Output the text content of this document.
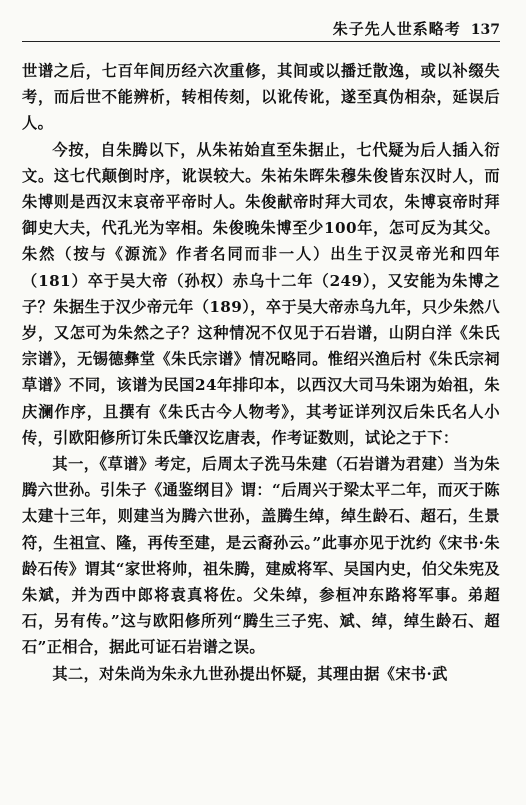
朱子先人世系略考 137

世谱之后，七百年间历经六次重修，其间或以播迁散逸，或以补缀失考，而后世不能辨析，转相传刻，以讹传讹，遂至真伪相杂，延误后人。

今按，自朱腾以下，从朱祐始直至朱据止，七代疑为后人插入衍文。这七代颠倒时序，讹误较大。朱祐朱晖朱穆朱俊皆东汉时人，而朱博则是西汉末哀帝平帝时人。朱俊献帝时拜大司农，朱博哀帝时拜御史大夫，代孔光为宰相。朱俊晚朱博至少100年，怎可反为其父。朱然（按与《源流》作者名同而非一人）出生于汉灵帝光和四年（181）卒于吴大帝（孙权）赤乌十二年（249），又安能为朱博之子？朱据生于汉少帝元年（189），卒于吴大帝赤乌九年，只少朱然八岁，又怎可为朱然之子？这种情况不仅见于石岩谱，山阴白洋《朱氏宗谱》，无锡德彝堂《朱氏宗谱》情况略同。惟绍兴渔后村《朱氏宗祠草谱》不同，该谱为民国24年排印本，以西汉大司马朱诩为始祖，朱庆澜作序，且撰有《朱氏古今人物考》，其考证详列汉后朱氏名人小传，引欧阳修所订朱氏肇汉讫唐表，作考证数则，试论之于下：

其一，《草谱》考定，后周太子洗马朱建（石岩谱为君建）当为朱腾六世孙。引朱子《通鉴纲目》谓：“后周兴于梁太平二年，而灭于陈太建十三年，则建当为腾六世孙，盖腾生绰，绰生龄石、超石，生景符，生祖宣、隆，再传至建，是云裔孙云。”此事亦见于沈约《宋书·朱龄石传》谓其“家世将帅，祖朱腾，建威将军、吴国内史，伯父朱宪及朱斌，并为西中郎将袁真将佐。父朱绰，参桓冲东路将军事。弟超石，另有传。”这与欧阳修所列“腾生三子宪、斌、绰，绰生龄石、超石”正相合，据此可证石岩谱之误。

其二，对朱尚为朱永九世孙提出怀疑，其理由据《宋书·武
